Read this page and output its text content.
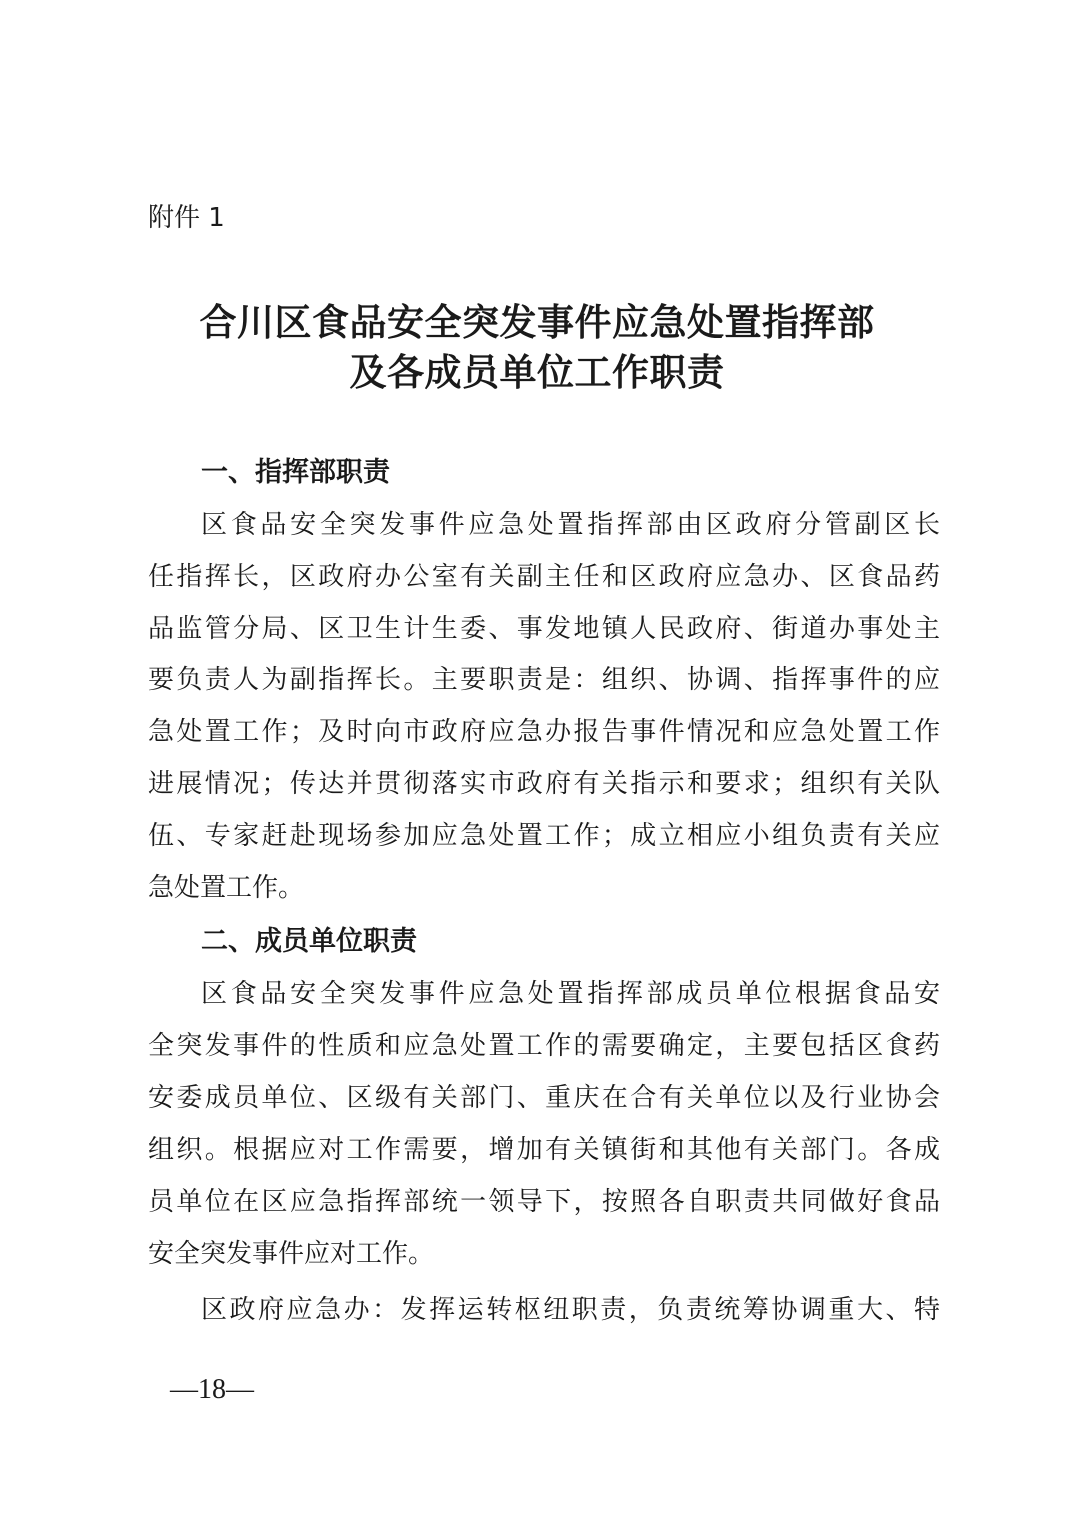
附件 1
合川区食品安全突发事件应急处置指挥部
及各成员单位工作职责
一、指挥部职责
区食品安全突发事件应急处置指挥部由区政府分管副区长
任指挥长，区政府办公室有关副主任和区政府应急办、区食品药
品监管分局、区卫生计生委、事发地镇人民政府、街道办事处主
要负责人为副指挥长。主要职责是：组织、协调、指挥事件的应
急处置工作；及时向市政府应急办报告事件情况和应急处置工作
进展情况；传达并贯彻落实市政府有关指示和要求；组织有关队
伍、专家赶赴现场参加应急处置工作；成立相应小组负责有关应
急处置工作。
二、成员单位职责
区食品安全突发事件应急处置指挥部成员单位根据食品安
全突发事件的性质和应急处置工作的需要确定，主要包括区食药
安委成员单位、区级有关部门、重庆在合有关单位以及行业协会
组织。根据应对工作需要，增加有关镇街和其他有关部门。各成
员单位在区应急指挥部统一领导下，按照各自职责共同做好食品
安全突发事件应对工作。
区政府应急办：发挥运转枢纽职责，负责统筹协调重大、特
—18—
